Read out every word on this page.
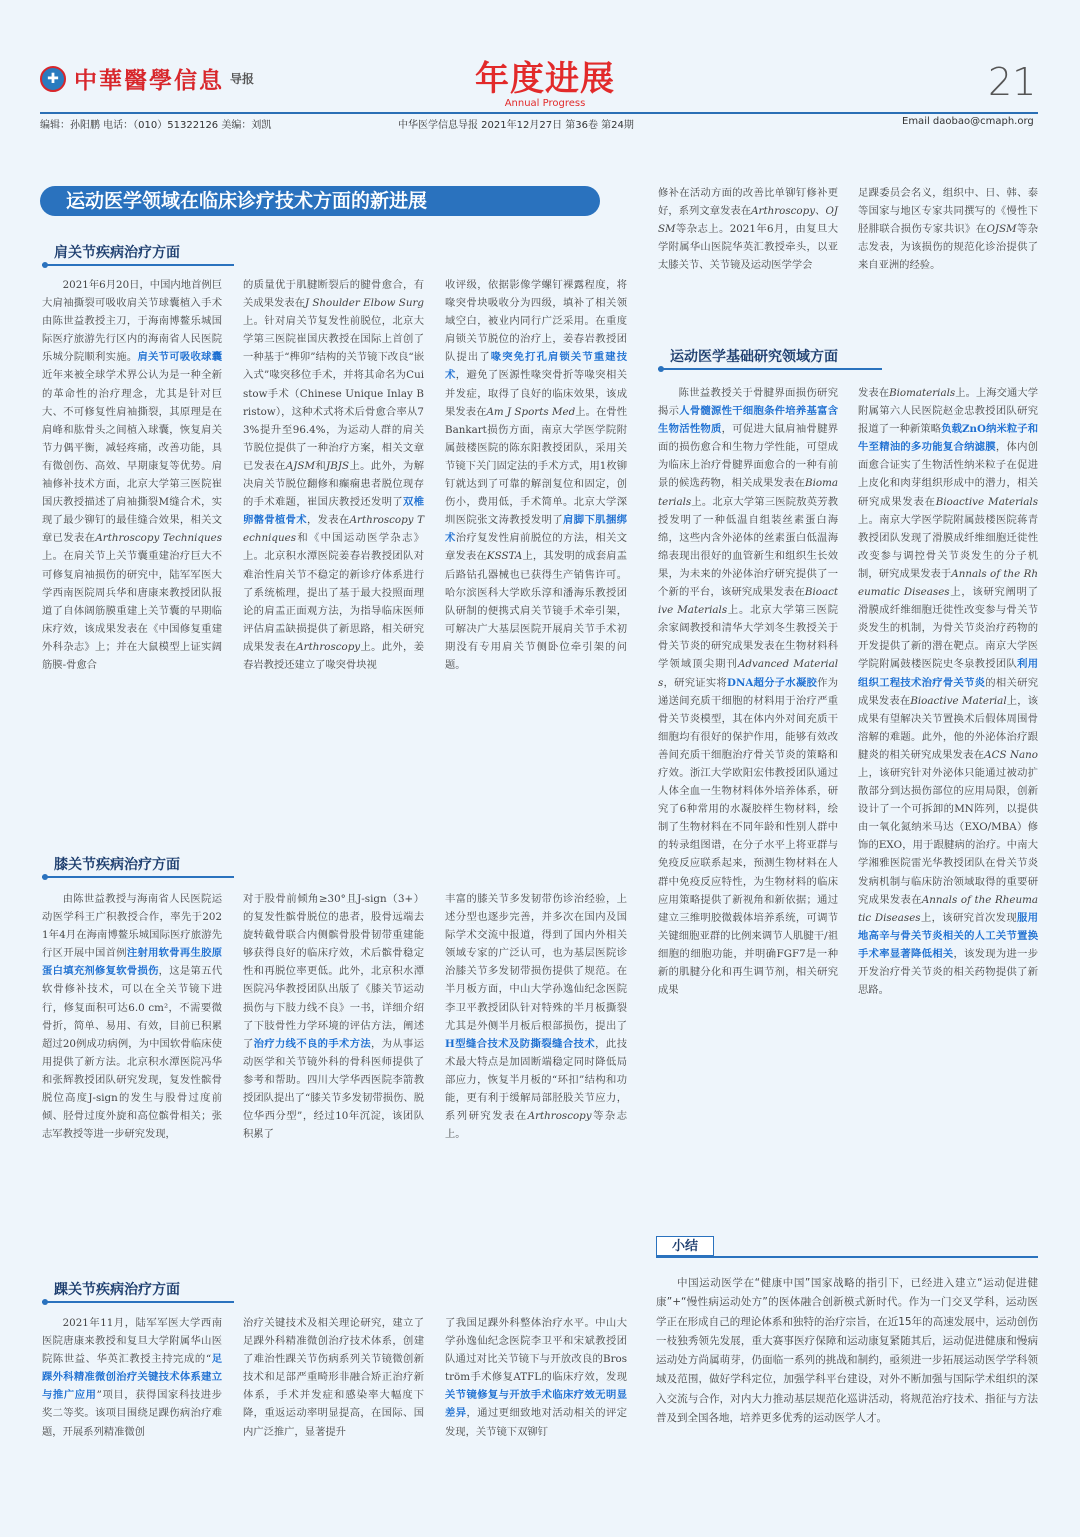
✚ 中華醫學信息 导报	年度进展
Annual Progress	21
编辑：孙阳鹏 电话：（010）51322126 美编：刘凯	中华医学信息导报 2021年12月27日 第36卷 第24期	Email daobao@cmaph.org
运动医学领域在临床诊疗技术方面的新进展
肩关节疾病治疗方面
膝关节疾病治疗方面
踝关节疾病治疗方面
运动医学基础研究领域方面

2021年6月20日，中国内地首例巨大肩袖撕裂可吸收肩关节球囊植入手术由陈世益教授主刀，于海南博鳌乐城国际医疗旅游先行区内的海南省人民医院乐城分院顺利实施。肩关节可吸收球囊近年来被全球学术界公认为是一种全新的革命性的治疗理念，尤其是针对巨大、不可修复性肩袖撕裂，其原理是在肩峰和肱骨头之间植入球囊，恢复肩关节力偶平衡，减轻疼痛，改善功能，具有微创伤、高效、早期康复等优势。肩袖修补技术方面，北京大学第三医院崔国庆教授描述了肩袖撕裂M缝合术，实现了最少铆钉的最佳缝合效果，相关文章已发表在Arthroscopy Techniques上。在肩关节上关节囊重建治疗巨大不可修复肩袖损伤的研究中，陆军军医大学西南医院周兵华和唐康来教授团队报道了自体阔筋膜重建上关节囊的早期临床疗效，该成果发表在《中国修复重建外科杂志》上；并在大鼠模型上证实阔筋膜-骨愈合

的质量优于肌腱断裂后的腱骨愈合，有关成果发表在J Shoulder Elbow Surg上。针对肩关节复发性前脱位，北京大学第三医院崔国庆教授在国际上首创了一种基于“榫卯”结构的关节镜下改良“嵌入式”喙突移位手术，并将其命名为Cuistow手术（Chinese Unique Inlay Bristow），这种术式将术后骨愈合率从73%提升至96.4%，为运动人群的肩关节脱位提供了一种治疗方案，相关文章已发表在AJSM和JBJS上。此外，为解决肩关节脱位翻修和癫痫患者脱位现存的手术难题，崔国庆教授还发明了双椎卵髂骨植骨术，发表在Arthroscopy Techniques和《中国运动医学杂志》上。北京积水潭医院姜春岩教授团队对难治性肩关节不稳定的新诊疗体系进行了系统梳理，提出了基于最大投照面理论的肩盂正面观方法，为指导临床医师评估肩盂缺损提供了新思路，相关研究成果发表在Arthroscopy上。此外，姜春岩教授还建立了喙突骨块视

收评级，依据影像学螺钉裸露程度，将喙突骨块吸收分为四级，填补了相关领域空白，被业内同行广泛采用。在重度肩锁关节脱位的治疗上，姜春岩教授团队提出了喙突免打孔肩锁关节重建技术，避免了医源性喙突骨折等喙突相关并发症，取得了良好的临床效果，该成果发表在Am J Sports Med上。在骨性Bankart损伤方面，南京大学医学院附属鼓楼医院的陈东阳教授团队，采用关节镜下关门固定法的手术方式，用1枚铆钉就达到了可靠的解剖复位和固定，创伤小，费用低，手术简单。北京大学深圳医院张文涛教授发明了肩脚下肌捆绑术治疗复发性肩前脱位的方法，相关文章发表在KSSTA上，其发明的成套肩盂后路钻孔器械也已获得生产销售许可。哈尔滨医科大学欧乐淳和潘海乐教授团队研制的便携式肩关节镜手术牵引架，可解决广大基层医院开展肩关节手术初期没有专用肩关节侧卧位牵引架的问题。

由陈世益教授与海南省人民医院运动医学科王广积教授合作，率先于2021年4月在海南博鳌乐城国际医疗旅游先行区开展中国首例注射用软骨再生胶原蛋白填充剂修复软骨损伤，这是第五代软骨修补技术，可以在全关节镜下进行，修复面积可达6.0 cm²，不需要微骨折，简单、易用、有效，目前已积累超过20例成功病例，为中国软骨临床使用提供了新方法。北京积水潭医院冯华和张辉教授团队研究发现，复发性髌骨脱位高度J-sign的发生与股骨过度前倾、胫骨过度外旋和高位髌骨相关；张志军教授等进一步研究发现，

对于股骨前倾角≥30°且J-sign（3+）的复发性髌骨脱位的患者，股骨远端去旋转截骨联合内侧髌骨股骨韧带重建能够获得良好的临床疗效，术后髌骨稳定性和再脱位率更低。此外，北京积水潭医院冯华教授团队出版了《膝关节运动损伤与下肢力线不良》一书，详细介绍了下肢骨性力学环境的评估方法，阐述了治疗力线不良的手术方法，为从事运动医学和关节镜外科的骨科医师提供了参考和帮助。四川大学华西医院李箭教授团队提出了“膝关节多发韧带损伤、脱位华西分型”，经过10年沉淀，该团队积累了

丰富的膝关节多发韧带伤诊治经验，上述分型也逐步完善，并多次在国内及国际学术交流中报道，得到了国内外相关领域专家的广泛认可，也为基层医院诊治膝关节多发韧带损伤提供了规范。在半月板方面，中山大学孙逸仙纪念医院李卫平教授团队针对特殊的半月板撕裂尤其是外侧半月板后根部损伤，提出了H型缝合技术及防撕裂缝合技术，此技术最大特点是加固断端稳定同时降低局部应力，恢复半月板的“环扣”结构和功能，更有利于缓解局部胫股关节应力，系列研究发表在Arthroscopy等杂志上。

2021年11月，陆军军医大学西南医院唐康来教授和复旦大学附属华山医院陈世益、华英汇教授主持完成的“足踝外科精准微创治疗关键技术体系建立与推广应用”项目，获得国家科技进步奖二等奖。该项目围绕足踝伤病治疗难题，开展系列精准微创

治疗关键技术及相关理论研究，建立了足踝外科精准微创治疗技术体系，创建了难治性踝关节伤病系列关节镜微创新技术和足部严重畸形非融合矫正治疗新体系，手术并发症和感染率大幅度下降，重返运动率明显提高，在国际、国内广泛推广，显著提升

了我国足踝外科整体治疗水平。中山大学孙逸仙纪念医院李卫平和宋斌教授团队通过对比关节镜下与开放改良的Broström手术修复ATFL的临床疗效，发现关节镜修复与开放手术临床疗效无明显差异，通过更细致地对活动相关的评定发现，关节镜下双铆钉

修补在活动方面的改善比单铆钉修补更好，系列文章发表在Arthroscopy、OJSM等杂志上。2021年6月，由复旦大学附属华山医院华英汇教授牵头，以亚太膝关节、关节镜及运动医学学会

足踝委员会名义，组织中、日、韩、泰等国家与地区专家共同撰写的《慢性下胫腓联合损伤专家共识》在OJSM等杂志发表，为该损伤的规范化诊治提供了来自亚洲的经验。

陈世益教授关于骨腱界面损伤研究揭示人骨髓源性干细胞条件培养基富含生物活性物质，可促进大鼠肩袖骨腱界面的损伤愈合和生物力学性能，可望成为临床上治疗骨腱界面愈合的一种有前景的候选药物，相关成果发表在Biomaterials上。北京大学第三医院敖英芳教授发明了一种低温自组装丝素蛋白海绵，这些内含外泌体的丝素蛋白低温海绵表现出很好的血管新生和组织生长效果，为未来的外泌体治疗研究提供了一个新的平台，该研究成果发表在Bioactive Materials上。北京大学第三医院余家阔教授和清华大学刘冬生教授关于骨关节炎的研究成果发表在生物材料科学领域顶尖期刊Advanced Materials，研究证实将DNA超分子水凝胶作为递送间充质干细胞的材料用于治疗严重骨关节炎模型，其在体内外对间充质干细胞均有很好的保护作用，能够有效改善间充质干细胞治疗骨关节炎的策略和疗效。浙江大学欧阳宏伟教授团队通过人体全血一生物材料体外培养体系，研究了6种常用的水凝胶样生物材料，绘制了生物材料在不同年龄和性别人群中的转录组图谱，在分子水平上将亚群与免疫反应联系起来，预测生物材料在人群中免疫反应特性，为生物材料的临床应用策略提供了新视角和新依据；通过建立三维明胶微载体培养系统，可调节关键细胞亚群的比例来调节人肌腱干/祖细胞的细胞功能，并明确FGF7是一种新的肌腱分化和再生调节剂，相关研究成果

发表在Biomaterials上。上海交通大学附属第六人民医院赵金忠教授团队研究报道了一种新策略负载ZnO纳米粒子和牛至精油的多功能复合纳滤膜，体内创面愈合证实了生物活性纳米粒子在促进上皮化和肉芽组织形成中的潜力，相关研究成果发表在Bioactive Materials上。南京大学医学院附属鼓楼医院蒋青教授团队发现了滑膜成纤维细胞迁徙性改变参与调控骨关节炎发生的分子机制，研究成果发表于Annals of the Rheumatic Diseases上，该研究阐明了滑膜成纤维细胞迁徙性改变参与骨关节炎发生的机制，为骨关节炎治疗药物的开发提供了新的潜在靶点。南京大学医学院附属鼓楼医院史冬泉教授团队利用组织工程技术治疗骨关节炎的相关研究成果发表在Bioactive Material上，该成果有望解决关节置换术后假体周围骨溶解的难题。此外，他的外泌体治疗跟腱炎的相关研究成果发表在ACS Nano上，该研究针对外泌体只能通过被动扩散部分到达损伤部位的应用局限，创新设计了一个可拆卸的MN阵列，以提供由一氧化氮纳米马达（EXO/MBA）修饰的EXO，用于跟腱病的治疗。中南大学湘雅医院雷光华教授团队在骨关节炎发病机制与临床防治领域取得的重要研究成果发表在Annals of the Rheumatic Diseases上，该研究首次发现服用地高辛与骨关节炎相关的人工关节置换手术率显著降低相关，该发现为进一步开发治疗骨关节炎的相关药物提供了新思路。

小结

中国运动医学在“健康中国”国家战略的指引下，已经进入建立“运动促进健康”+“慢性病运动处方”的医体融合创新模式新时代。作为一门交叉学科，运动医学正在形成自己的理论体系和独特的治疗宗旨，在近15年的高速发展中，运动创伤一枝独秀领先发展，重大赛事医疗保障和运动康复紧随其后，运动促进健康和慢病运动处方尚属萌芽，仍面临一系列的挑战和制约，亟须进一步拓展运动医学学科领域及范围，做好学科定位，加强学科平台建设，对外不断加强与国际学术组织的深入交流与合作，对内大力推动基层规范化巡讲活动，将规范治疗技术、指征与方法普及到全国各地，培养更多优秀的运动医学人才。
